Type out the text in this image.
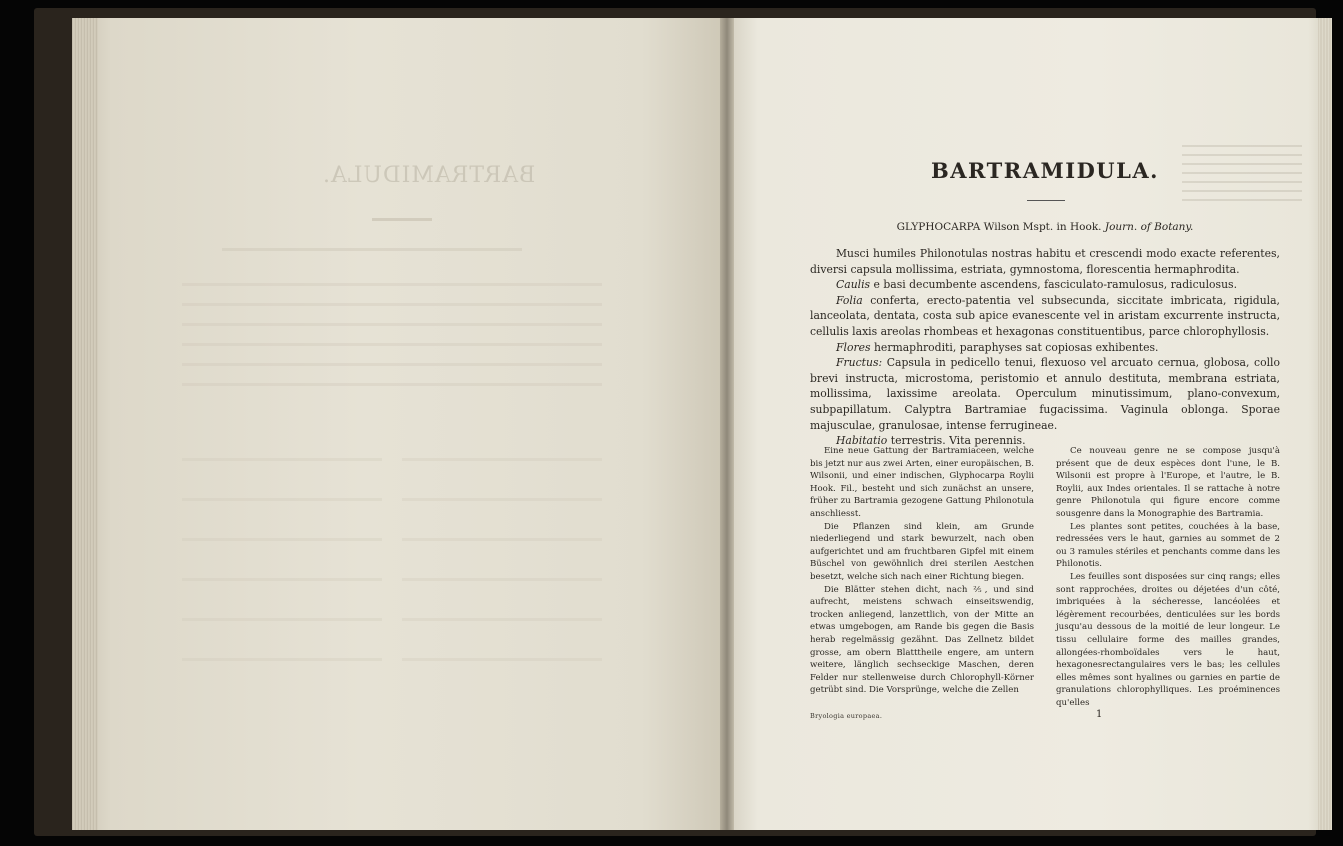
BARTRAMIDULA.	BARTRAMIDULA.

GLYPHOCARPA Wilson Mspt. in Hook. Journ. of Botany.

Musci humiles Philonotulas nostras habitu et crescendi modo exacte referentes, diversi capsula mollissima, estriata, gymnostoma, florescentia hermaphrodita.

Caulis e basi decumbente ascendens, fasciculato-ramulosus, radiculosus.

Folia conferta, erecto-patentia vel subsecunda, siccitate imbricata, rigidula, lanceolata, dentata, costa sub apice evanescente vel in aristam excurrente instructa, cellulis laxis areolas rhombeas et hexagonas constituentibus, parce chlorophyllosis.

Flores hermaphroditi, paraphyses sat copiosas exhibentes.

Fructus: Capsula in pedicello tenui, flexuoso vel arcuato cernua, globosa, collo brevi instructa, microstoma, peristomio et annulo destituta, membrana estriata, mollissima, laxissime areolata. Operculum minutissimum, plano-convexum, subpapillatum. Calyptra Bartramiae fugacissima. Vaginula oblonga. Sporae majusculae, granulosae, intense ferrugineae.

Habitatio terrestris. Vita perennis.

Eine neue Gattung der Bartramiaceen, welche bis jetzt nur aus zwei Arten, einer europäischen, B. Wilsonii, und einer indischen, Glyphocarpa Roylii Hook. Fil., besteht und sich zunächst an unsere, früher zu Bartramia gezogene Gattung Philonotula anschliesst.

Die Pflanzen sind klein, am Grunde niederliegend und stark bewurzelt, nach oben aufgerichtet und am fruchtbaren Gipfel mit einem Büschel von gewöhnlich drei sterilen Aestchen besetzt, welche sich nach einer Richtung biegen.

Die Blätter stehen dicht, nach ⅖, und sind aufrecht, meistens schwach einseitswendig, trocken anliegend, lanzettlich, von der Mitte an etwas umgebogen, am Rande bis gegen die Basis herab regelmässig gezähnt. Das Zellnetz bildet grosse, am obern Blatttheile engere, am untern weitere, länglich sechseckige Maschen, deren Felder nur stellenweise durch Chlorophyll-Körner getrübt sind. Die Vorsprünge, welche die Zellen

Ce nouveau genre ne se compose jusqu'à présent que de deux espèces dont l'une, le B. Wilsonii est propre à l'Europe, et l'autre, le B. Roylii, aux Indes orientales. Il se rattache à notre genre Philonotula qui figure encore comme sousgenre dans la Monographie des Bartramia.

Les plantes sont petites, couchées à la base, redressées vers le haut, garnies au sommet de 2 ou 3 ramules stériles et penchants comme dans les Philonotis.

Les feuilles sont disposées sur cinq rangs; elles sont rapprochées, droites ou déjetées d'un côté, imbriquées à la sécheresse, lancéolées et légèrement recourbées, denticulées sur les bords jusqu'au dessous de la moitié de leur longeur. Le tissu cellulaire forme des mailles grandes, allongées-rhomboïdales vers le haut, hexagonesrectangulaires vers le bas; les cellules elles mêmes sont hyalines ou garnies en partie de granulations chlorophylliques. Les proéminences qu'elles

Bryologia europaea.	1
